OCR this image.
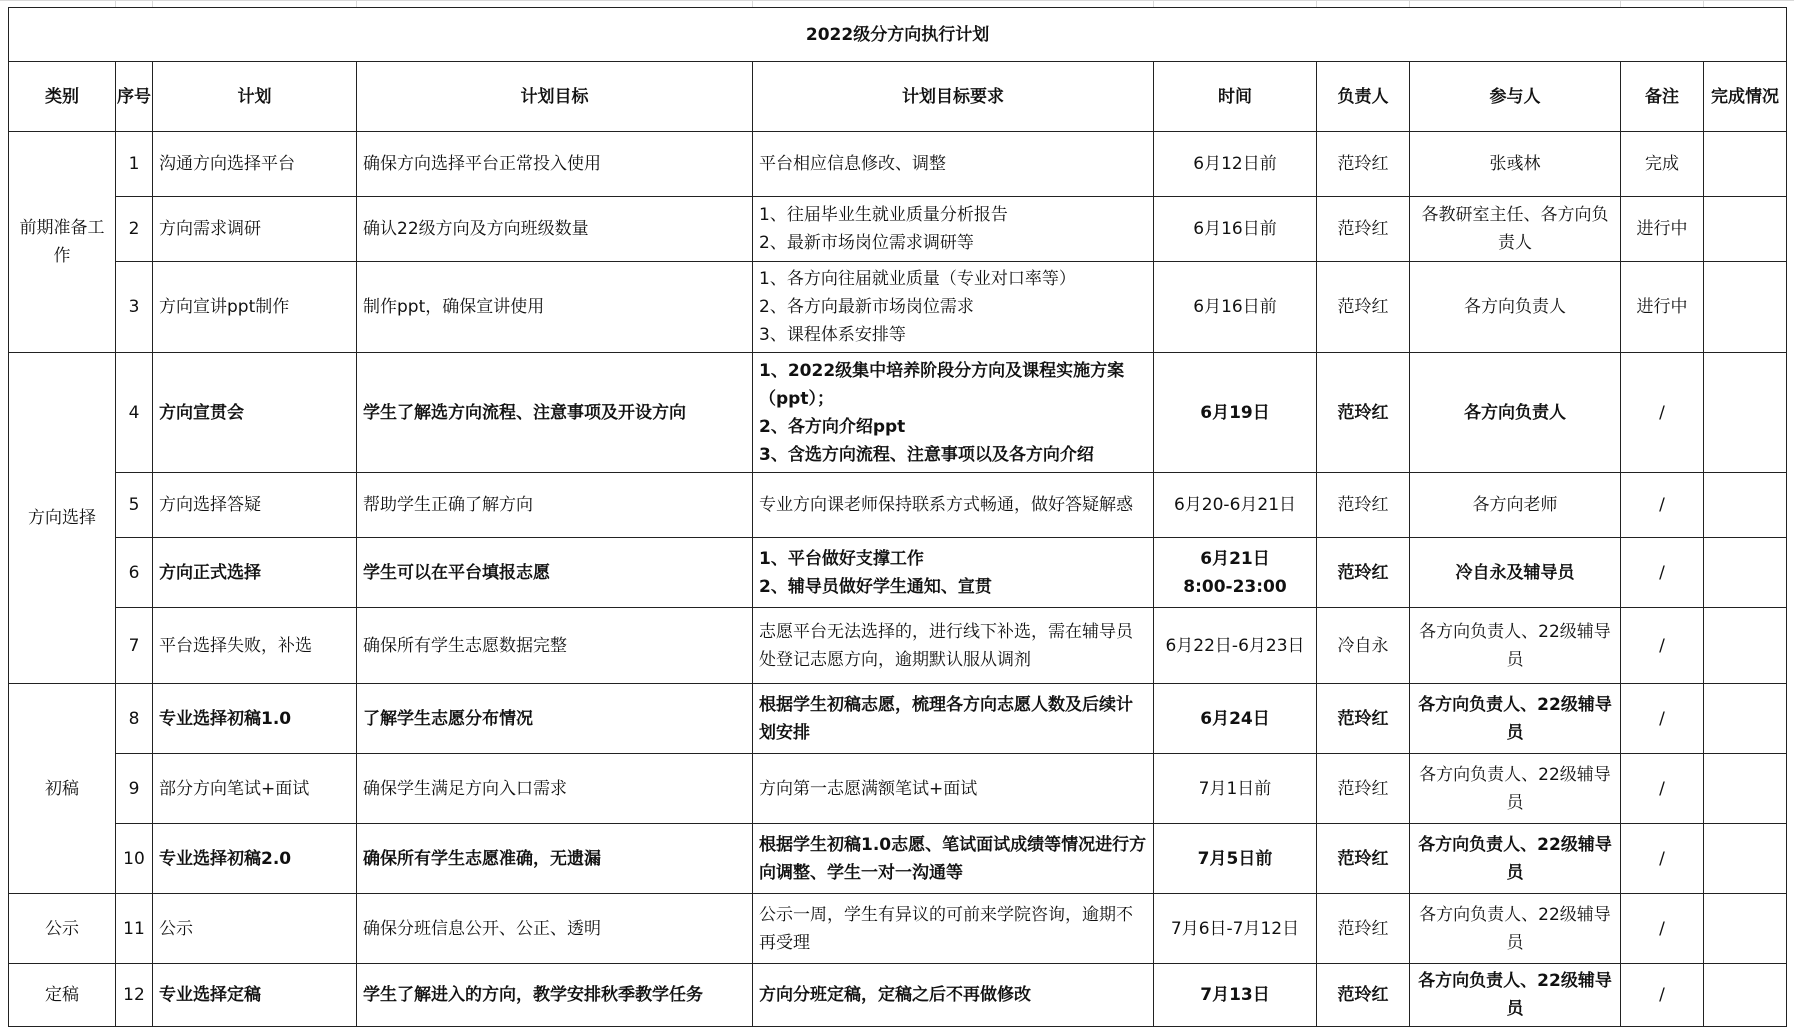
2022级分方向执行计划									
类别	序号	计划	计划目标	计划目标要求	时间	负责人	参与人	备注	完成情况
前期准备工作	1	沟通方向选择平台	确保方向选择平台正常投入使用	平台相应信息修改、调整	6月12日前	范玲红	张彧林	完成	
	2	方向需求调研	确认22级方向及方向班级数量	1、往届毕业生就业质量分析报告
2、最新市场岗位需求调研等	6月16日前	范玲红	各教研室主任、各方向负责人	进行中	
	3	方向宣讲ppt制作	制作ppt，确保宣讲使用	1、各方向往届就业质量（专业对口率等）
2、各方向最新市场岗位需求
3、课程体系安排等	6月16日前	范玲红	各方向负责人	进行中	
方向选择	4	方向宣贯会	学生了解选方向流程、注意事项及开设方向	1、2022级集中培养阶段分方向及课程实施方案（ppt）；
2、各方向介绍ppt
3、含选方向流程、注意事项以及各方向介绍	6月19日	范玲红	各方向负责人	/	
	5	方向选择答疑	帮助学生正确了解方向	专业方向课老师保持联系方式畅通，做好答疑解惑	6月20-6月21日	范玲红	各方向老师	/	
	6	方向正式选择	学生可以在平台填报志愿	1、平台做好支撑工作
2、辅导员做好学生通知、宣贯	6月21日
8:00-23:00	范玲红	冷自永及辅导员	/	
	7	平台选择失败，补选	确保所有学生志愿数据完整	志愿平台无法选择的，进行线下补选，需在辅导员处登记志愿方向，逾期默认服从调剂	6月22日-6月23日	冷自永	各方向负责人、22级辅导员	/	
初稿	8	专业选择初稿1.0	了解学生志愿分布情况	根据学生初稿志愿，梳理各方向志愿人数及后续计划安排	6月24日	范玲红	各方向负责人、22级辅导员	/	
	9	部分方向笔试+面试	确保学生满足方向入口需求	方向第一志愿满额笔试+面试	7月1日前	范玲红	各方向负责人、22级辅导员	/	
	10	专业选择初稿2.0	确保所有学生志愿准确，无遗漏	根据学生初稿1.0志愿、笔试面试成绩等情况进行方向调整、学生一对一沟通等	7月5日前	范玲红	各方向负责人、22级辅导员	/	
公示	11	公示	确保分班信息公开、公正、透明	公示一周，学生有异议的可前来学院咨询，逾期不再受理	7月6日-7月12日	范玲红	各方向负责人、22级辅导员	/	
定稿	12	专业选择定稿	学生了解进入的方向，教学安排秋季教学任务	方向分班定稿，定稿之后不再做修改	7月13日	范玲红	各方向负责人、22级辅导员	/	
